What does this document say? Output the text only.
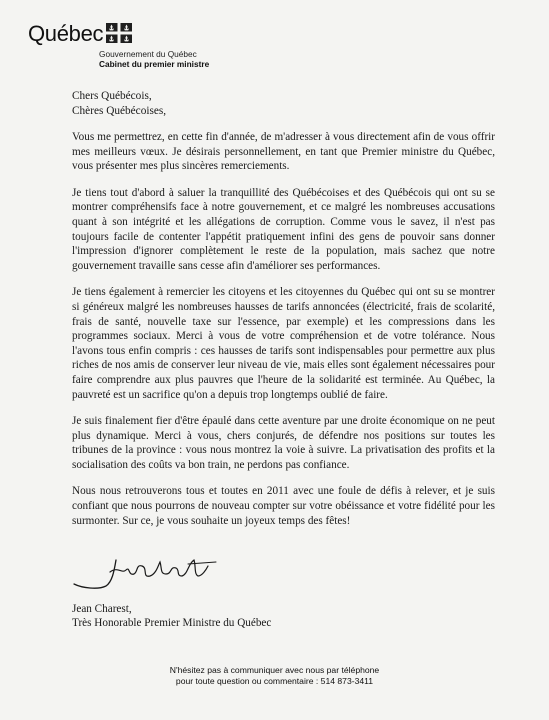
Québec
Gouvernement du Québec
Cabinet du premier ministre

Chers Québécois,

Chères Québécoises,

Vous me permettrez, en cette fin d'année, de m'adresser à vous directement afin de vous offrir mes meilleurs vœux. Je désirais personnellement, en tant que Premier ministre du Québec, vous présenter mes plus sincères remerciements.

Je tiens tout d'abord à saluer la tranquillité des Québécoises et des Québécois qui ont su se montrer compréhensifs face à notre gouvernement, et ce malgré les nombreuses accusations quant à son intégrité et les allégations de corruption. Comme vous le savez, il n'est pas toujours facile de contenter l'appétit pratiquement infini des gens de pouvoir sans donner l'impression d'ignorer complètement le reste de la population, mais sachez que notre gouvernement travaille sans cesse afin d'améliorer ses performances.

Je tiens également à remercier les citoyens et les citoyennes du Québec qui ont su se montrer si généreux malgré les nombreuses hausses de tarifs annoncées (électricité, frais de scolarité, frais de santé, nouvelle taxe sur l'essence, par exemple) et les compressions dans les programmes sociaux. Merci à vous de votre compréhension et de votre tolérance. Nous l'avons tous enfin compris : ces hausses de tarifs sont indispensables pour permettre aux plus riches de nos amis de conserver leur niveau de vie, mais elles sont également nécessaires pour faire comprendre aux plus pauvres que l'heure de la solidarité est terminée. Au Québec, la pauvreté est un sacrifice qu'on a depuis trop longtemps oublié de faire.

Je suis finalement fier d'être épaulé dans cette aventure par une droite économique on ne peut plus dynamique. Merci à vous, chers conjurés, de défendre nos positions sur toutes les tribunes de la province : vous nous montrez la voie à suivre. La privatisation des profits et la socialisation des coûts va bon train, ne perdons pas confiance.

Nous nous retrouverons tous et toutes en 2011 avec une foule de défis à relever, et je suis confiant que nous pourrons de nouveau compter sur votre obéissance et votre fidélité pour les surmonter. Sur ce, je vous souhaite un joyeux temps des fêtes!

Jean Charest,
Très Honorable Premier Ministre du Québec
N'hésitez pas à communiquer avec nous par téléphone
pour toute question ou commentaire : 514 873-3411
